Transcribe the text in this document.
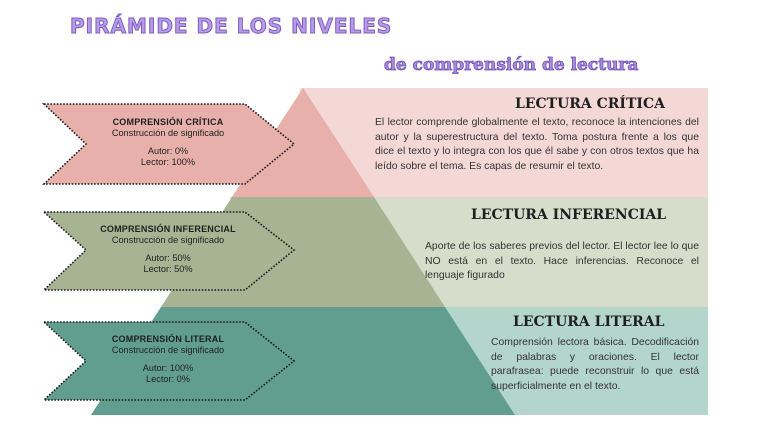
PIRÁMIDE DE LOS NIVELES
de comprensión de lectura
LECTURA CRÍTICA
El lector comprende globalmente el texto, reconoce la intenciones del autor y la superestructura del texto. Toma postura frente a los que dice el texto y lo integra con los que él sabe y con otros textos que ha leído sobre el tema. Es capas de resumir el texto.
LECTURA INFERENCIAL
Aporte de los saberes previos del lector. El lector lee lo que NO está en el texto. Hace inferencias. Reconoce el lenguaje figurado
LECTURA LITERAL
Comprensión lectora básica. Decodificación de palabras y oraciones. El lector parafrasea: puede reconstruir lo que está superficialmente en el texto.
COMPRENSIÓN CRÍTICA
Construcción de significado
Autor: 0%
Lector: 100%
COMPRENSIÓN INFERENCIAL
Construcción de significado
Autor: 50%
Lector: 50%
COMPRENSIÓN LITERAL
Construcción de significado
Autor: 100%
Lector: 0%
